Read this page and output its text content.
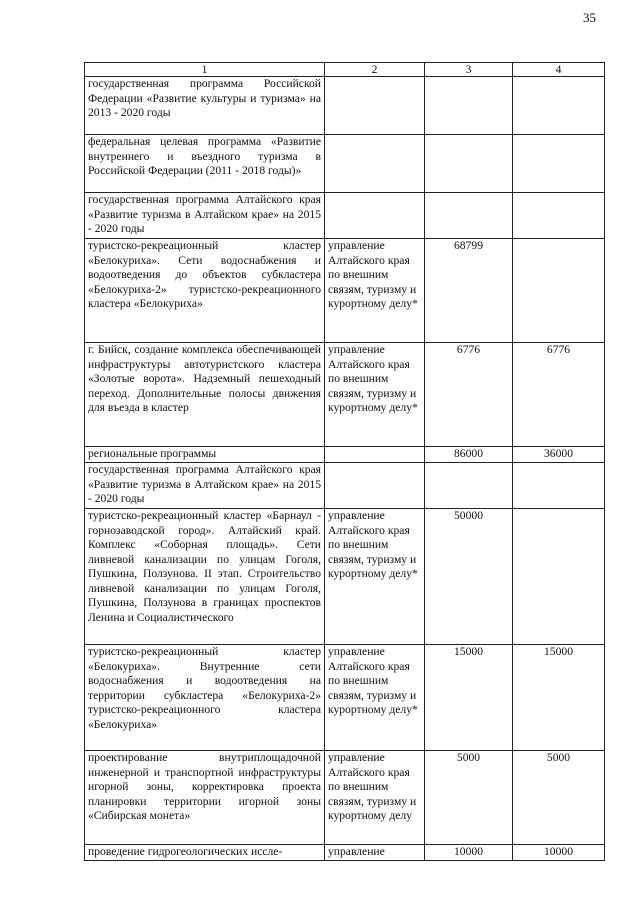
35
1	2	3	4
государственная программа Российской Федерации «Развитие культуры и туризма» на 2013 - 2020 годы			
федеральная целевая программа «Развитие внутреннего и въездного туризма в Российской Федерации (2011 - 2018 годы)»			
государственная программа Алтайского края «Развитие туризма в Алтайском крае» на 2015 - 2020 годы			
туристско-рекреационный кластер «Белокуриха». Сети водоснабжения и водоотведения до объектов субкластера «Белокуриха-2» туристско-рекреационного кластера «Белокуриха»	управление Алтайского края по внешним связям, туризму и курортному делу*	68799	
г. Бийск, создание комплекса обеспечивающей инфраструктуры автотуристского кластера «Золотые ворота». Надземный пешеходный переход. Дополнительные полосы движения для въезда в кластер	управление Алтайского края по внешним связям, туризму и курортному делу*	6776	6776
региональные программы		86000	36000
государственная программа Алтайского края «Развитие туризма в Алтайском крае» на 2015 - 2020 годы			
туристско-рекреационный кластер «Барнаул - горнозаводской город». Алтайский край. Комплекс «Соборная площадь». Сети ливневой канализации по улицам Гоголя, Пушкина, Ползунова. II этап. Строительство ливневой канализации по улицам Гоголя, Пушкина, Ползунова в границах проспектов Ленина и Социалистического	управление Алтайского края по внешним связям, туризму и курортному делу*	50000	
туристско-рекреационный кластер «Белокуриха». Внутренние сети водоснабжения и водоотведения на территории субкластера «Белокуриха-2» туристско-рекреационного кластера «Белокуриха»	управление Алтайского края по внешним связям, туризму и курортному делу*	15000	15000
проектирование внутриплощадочной инженерной и транспортной инфраструктуры игорной зоны, корректировка проекта планировки территории игорной зоны «Сибирская монета»	управление Алтайского края по внешним связям, туризму и курортному делу	5000	5000
проведение гидрогеологических иссле-	управление	10000	10000
